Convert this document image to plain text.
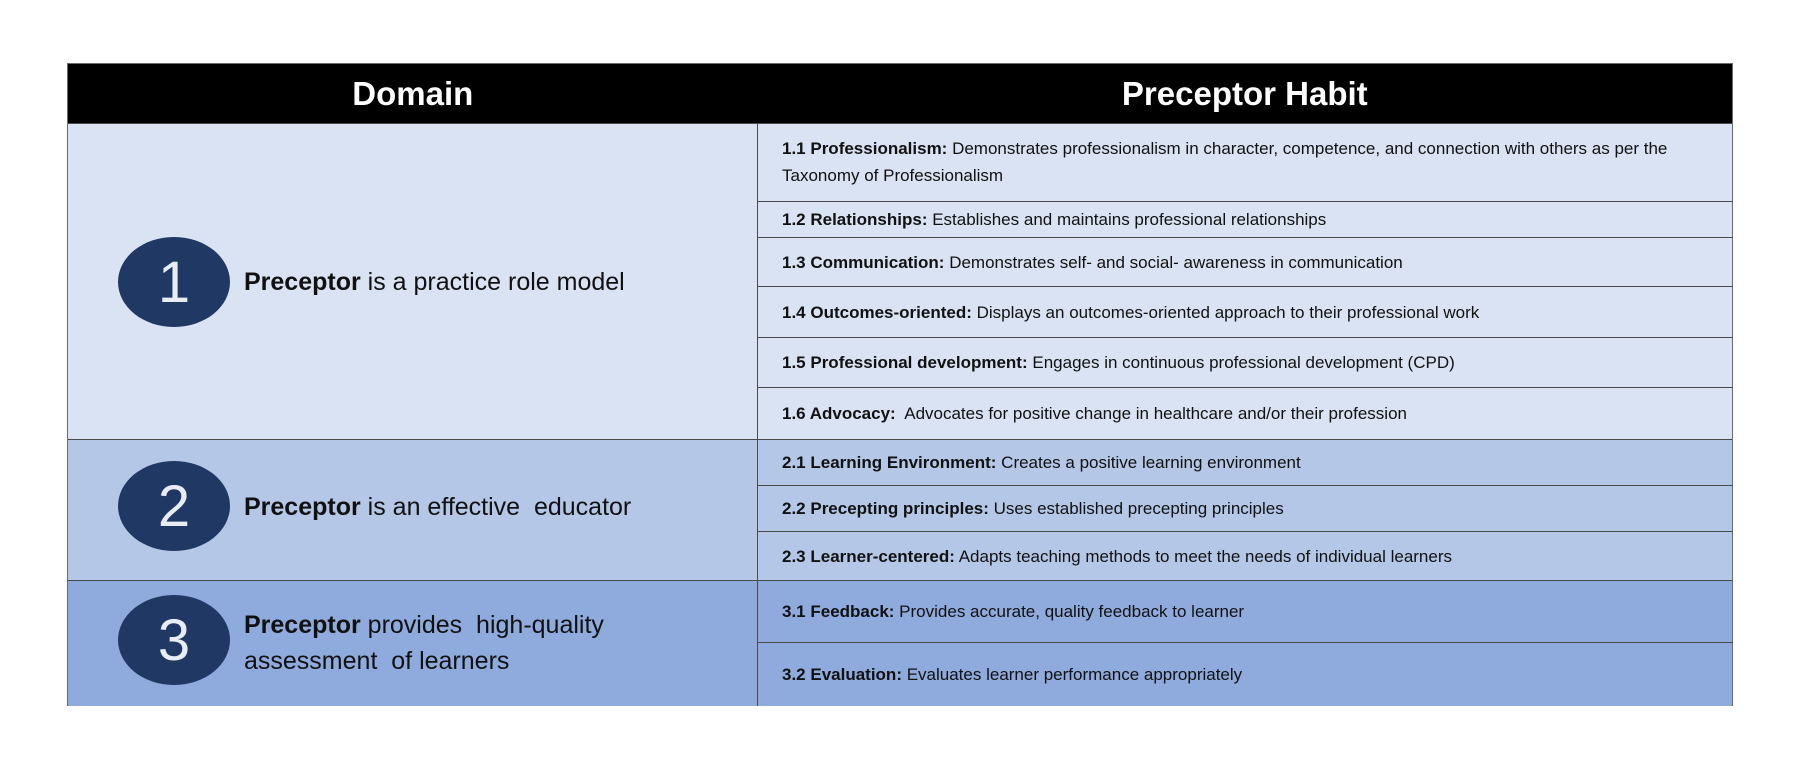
Domain	Preceptor Habit
1	Preceptor is a practice role model
1.1 Professionalism: Demonstrates professionalism in character, competence, and connection with others as per the Taxonomy of Professionalism
1.2 Relationships: Establishes and maintains professional relationships
1.3 Communication: Demonstrates self- and social- awareness in communication
1.4 Outcomes-oriented: Displays an outcomes-oriented approach to their professional work
1.5 Professional development: Engages in continuous professional development (CPD)
1.6 Advocacy:  Advocates for positive change in healthcare and/or their profession
2	Preceptor is an effective  educator
2.1 Learning Environment: Creates a positive learning environment
2.2 Precepting principles: Uses established precepting principles
2.3 Learner-centered: Adapts teaching methods to meet the needs of individual learners
3	Preceptor provides  high-quality
assessment  of learners
3.1 Feedback: Provides accurate, quality feedback to learner
3.2 Evaluation: Evaluates learner performance appropriately
